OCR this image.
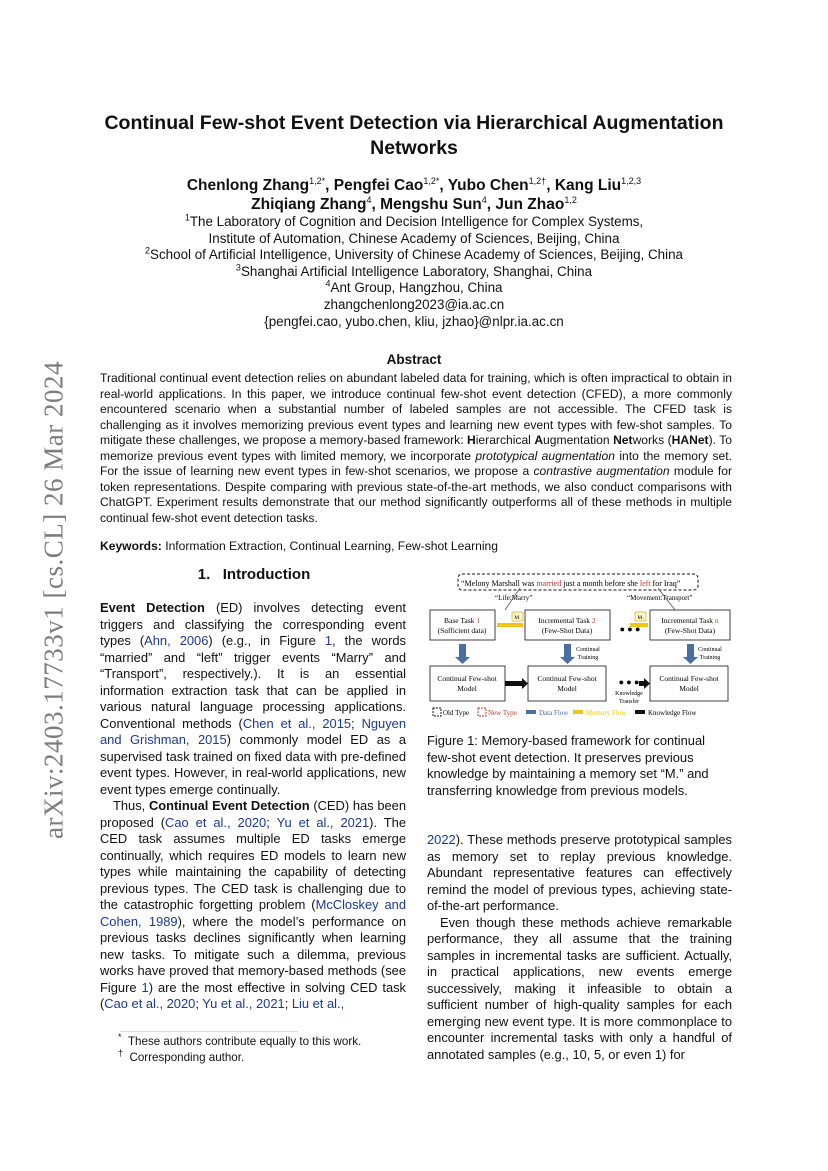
arXiv:2403.17733v1 [cs.CL] 26 Mar 2024
Continual Few-shot Event Detection via Hierarchical Augmentation
Networks
Chenlong Zhang$^{1,2*}$, Pengfei Cao$^{1,2*}$, Yubo Chen$^{1,2\dagger}$, Kang Liu$^{1,2,3}$
Zhiqiang Zhang$^4$, Mengshu Sun$^4$, Jun Zhao$^{1,2}$
$^1$The Laboratory of Cognition and Decision Intelligence for Complex Systems,
Institute of Automation, Chinese Academy of Sciences, Beijing, China
$^2$School of Artificial Intelligence, University of Chinese Academy of Sciences, Beijing, China
$^3$Shanghai Artificial Intelligence Laboratory, Shanghai, China
$^4$Ant Group, Hangzhou, China
zhangchenlong2023@ia.ac.cn
{pengfei.cao, yubo.chen, kliu, jzhao}@nlpr.ia.ac.cn
Abstract
Traditional continual event detection relies on abundant labeled data for training, which is often impractical to obtain in real-world applications. In this paper, we introduce continual few-shot event detection (CFED), a more commonly encountered scenario when a substantial number of labeled samples are not accessible. The CFED task is challenging as it involves memorizing previous event types and learning new event types with few-shot samples. To mitigate these challenges, we propose a memory-based framework: Hierarchical Augmentation Networks (HANet). To memorize previous event types with limited memory, we incorporate prototypical augmentation into the memory set. For the issue of learning new event types in few-shot scenarios, we propose a contrastive augmentation module for token representations. Despite comparing with previous state-of-the-art methods, we also conduct comparisons with ChatGPT. Experiment results demonstrate that our method significantly outperforms all of these methods in multiple continual few-shot event detection tasks.
Keywords: Information Extraction, Continual Learning, Few-shot Learning
1. Introduction

Event Detection (ED) involves detecting event triggers and classifying the corresponding event types (Ahn, 2006) (e.g., in Figure 1, the words “married” and “left” trigger events “Marry” and “Transport”, respectively.). It is an essential information extraction task that can be applied in various natural language processing applications. Conventional methods (Chen et al., 2015; Nguyen and Grishman, 2015) commonly model ED as a supervised task trained on fixed data with pre-defined event types. However, in real-world applications, new event types emerge continually.

Thus, Continual Event Detection (CED) has been proposed (Cao et al., 2020; Yu et al., 2021). The CED task assumes multiple ED tasks emerge continually, which requires ED models to learn new types while maintaining the capability of detecting previous types. The CED task is challenging due to the catastrophic forgetting problem (McCloskey and Cohen, 1989), where the model’s performance on previous tasks declines significantly when learning new tasks. To mitigate such a dilemma, previous works have proved that memory-based methods (see Figure 1) are the most effective in solving CED task (Cao et al., 2020; Yu et al., 2021; Liu et al.,

* These authors contribute equally to this work.
† Corresponding author.
“Melony Marshall was married just a month before she left for Iraq”
“Life:Marry”	“Movement:Transport”
Base Task 1
(Sufficient data)
Incremental Task 2
(Few-Shot Data)
Incremental Task n
(Few-Shot Data)
M.	M.
● ● ●
Continual
Training
Continual
Training
Continual Few-shot
Model
Continual Few-shot
Model
Continual Few-shot
Model
● ● ●
Knowledge
Transfer
Old Type	New Type	Data Flow	Memory Flow	Knowledge Flow
Figure 1: Memory-based framework for continual few-shot event detection. It preserves previous knowledge by maintaining a memory set “M.” and transferring knowledge from previous models.

2022). These methods preserve prototypical samples as memory set to replay previous knowledge. Abundant representative features can effectively remind the model of previous types, achieving state-of-the-art performance.

Even though these methods achieve remarkable performance, they all assume that the training samples in incremental tasks are sufficient. Actually, in practical applications, new events emerge successively, making it infeasible to obtain a sufficient number of high-quality samples for each emerging new event type. It is more commonplace to encounter incremental tasks with only a handful of annotated samples (e.g., 10, 5, or even 1) for
